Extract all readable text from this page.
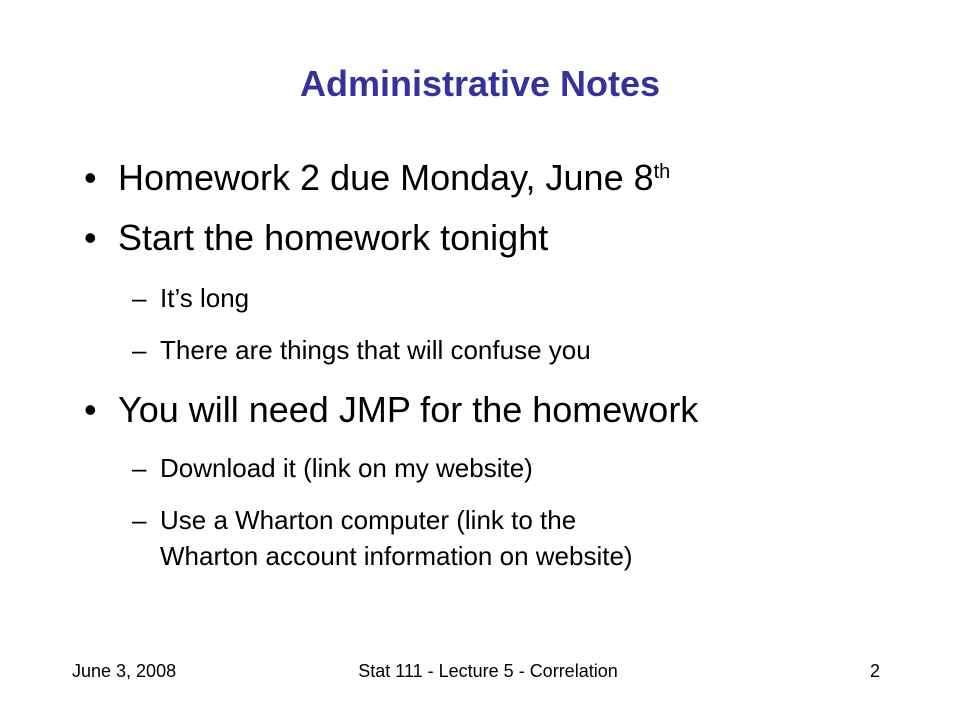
Administrative Notes
• Homework 2 due Monday, June 8th
• Start the homework tonight
– It’s long
– There are things that will confuse you
• You will need JMP for the homework
– Download it (link on my website)
– Use a Wharton computer (link to the
Wharton account information on website)
June 3, 2008	Stat 111 - Lecture 5 - Correlation	2
